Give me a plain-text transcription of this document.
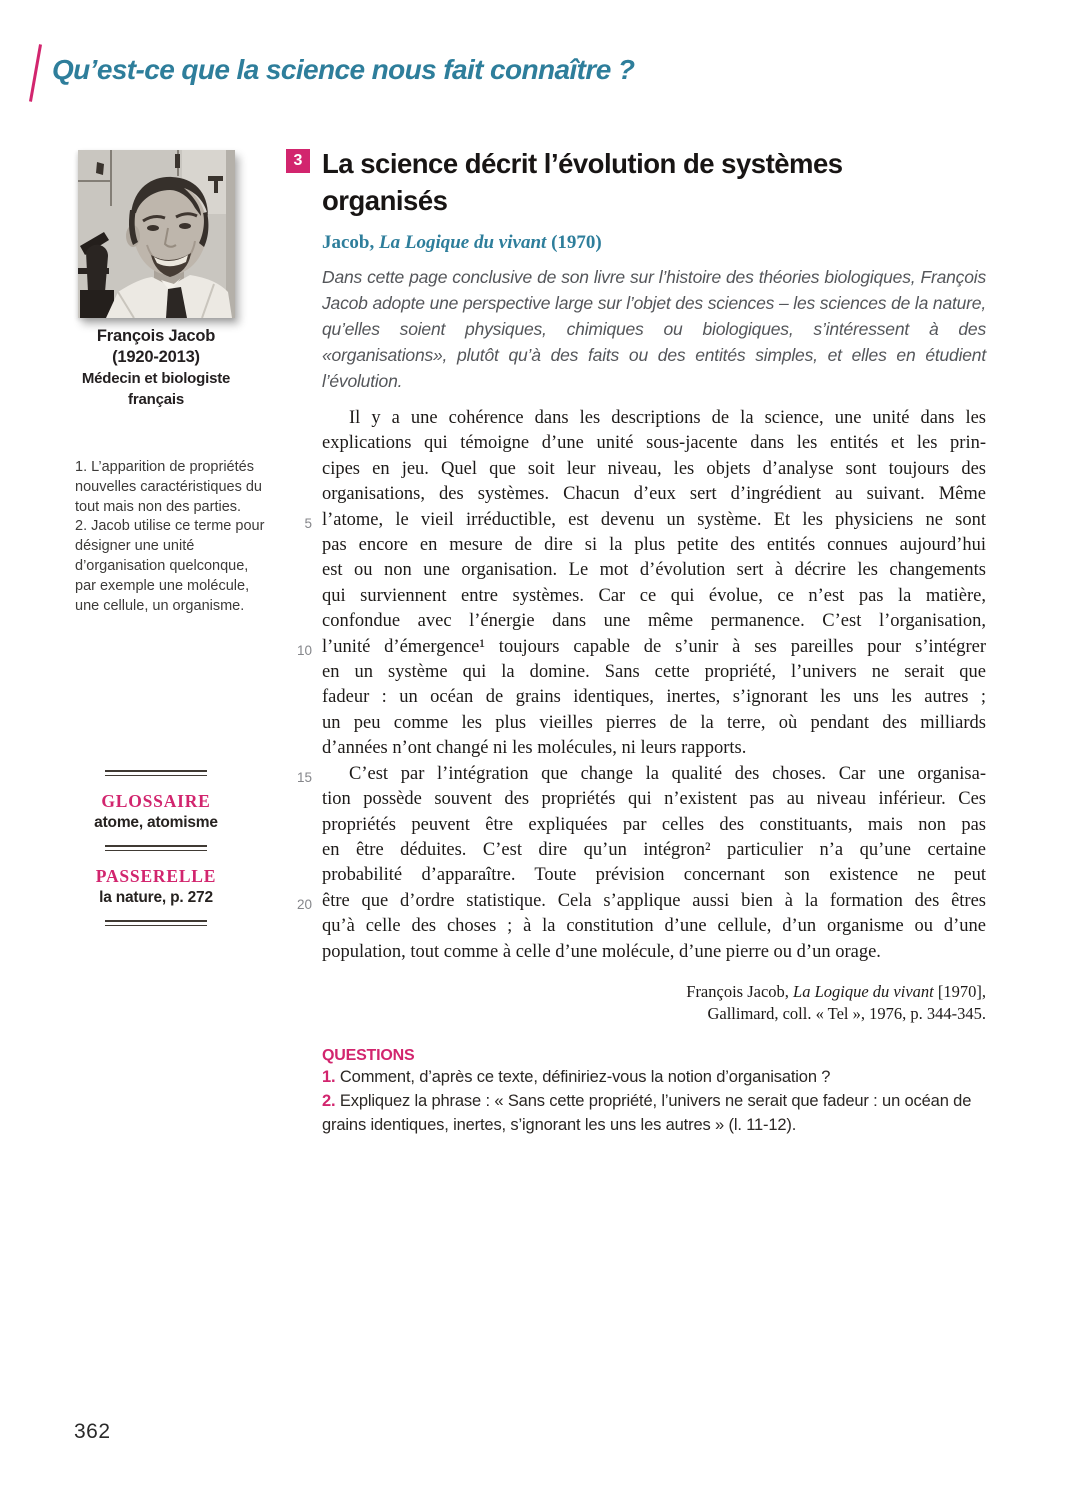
Qu’est-ce que la science nous fait connaître ?
François Jacob
(1920-2013)
Médecin et biologiste français

1. L’apparition de propriétés nouvelles caractéristiques du tout mais non des parties.

2. Jacob utilise ce terme pour désigner une unité d’organisation quelconque, par exemple une molécule, une cellule, un organisme.

GLOSSAIRE
atome, atomisme
PASSERELLE
la nature, p. 272
3 La science décrit l’évolution de systèmes organisés
Jacob, La Logique du vivant (1970)
Dans cette page conclusive de son livre sur l’histoire des théories biologiques, François Jacob adopte une perspective large sur l’objet des sciences – les sciences de la nature, qu’elles soient physiques, chimiques ou biologiques, s’intéressent à des «organisations», plutôt qu’à des faits ou des entités simples, et elles en étudient l’évolution.
Il y a une cohérence dans les descriptions de la science, une unité dans les
explications qui témoigne d’une unité sous-jacente dans les entités et les prin-
cipes en jeu. Quel que soit leur niveau, les objets d’analyse sont toujours des
organisations, des systèmes. Chacun d’eux sert d’ingrédient au suivant. Même
5 l’atome, le vieil irréductible, est devenu un système. Et les physiciens ne sont
pas encore en mesure de dire si la plus petite des entités connues aujourd’hui
est ou non une organisation. Le mot d’évolution sert à décrire les changements
qui surviennent entre systèmes. Car ce qui évolue, ce n’est pas la matière,
confondue avec l’énergie dans une même permanence. C’est l’organisation,
10 l’unité d’émergence¹ toujours capable de s’unir à ses pareilles pour s’intégrer
en un système qui la domine. Sans cette propriété, l’univers ne serait que
fadeur : un océan de grains identiques, inertes, s’ignorant les uns les autres ;
un peu comme les plus vieilles pierres de la terre, où pendant des milliards
d’années n’ont changé ni les molécules, ni leurs rapports.
15	C’est par l’intégration que change la qualité des choses. Car une organisa-
tion possède souvent des propriétés qui n’existent pas au niveau inférieur. Ces
propriétés peuvent être expliquées par celles des constituants, mais non pas
en être déduites. C’est dire qu’un intégron² particulier n’a qu’une certaine
probabilité d’apparaître. Toute prévision concernant son existence ne peut
20 être que d’ordre statistique. Cela s’applique aussi bien à la formation des êtres
qu’à celle des choses ; à la constitution d’une cellule, d’un organisme ou d’une
population, tout comme à celle d’une molécule, d’une pierre ou d’un orage.
François Jacob, La Logique du vivant [1970],
Gallimard, coll. « Tel », 1976, p. 344-345.
QUESTIONS
1. Comment, d’après ce texte, définiriez-vous la notion d’organisation ?
2. Expliquez la phrase : « Sans cette propriété, l’univers ne serait que fadeur : un océan de grains identiques, inertes, s’ignorant les uns les autres » (l. 11-12).
362
